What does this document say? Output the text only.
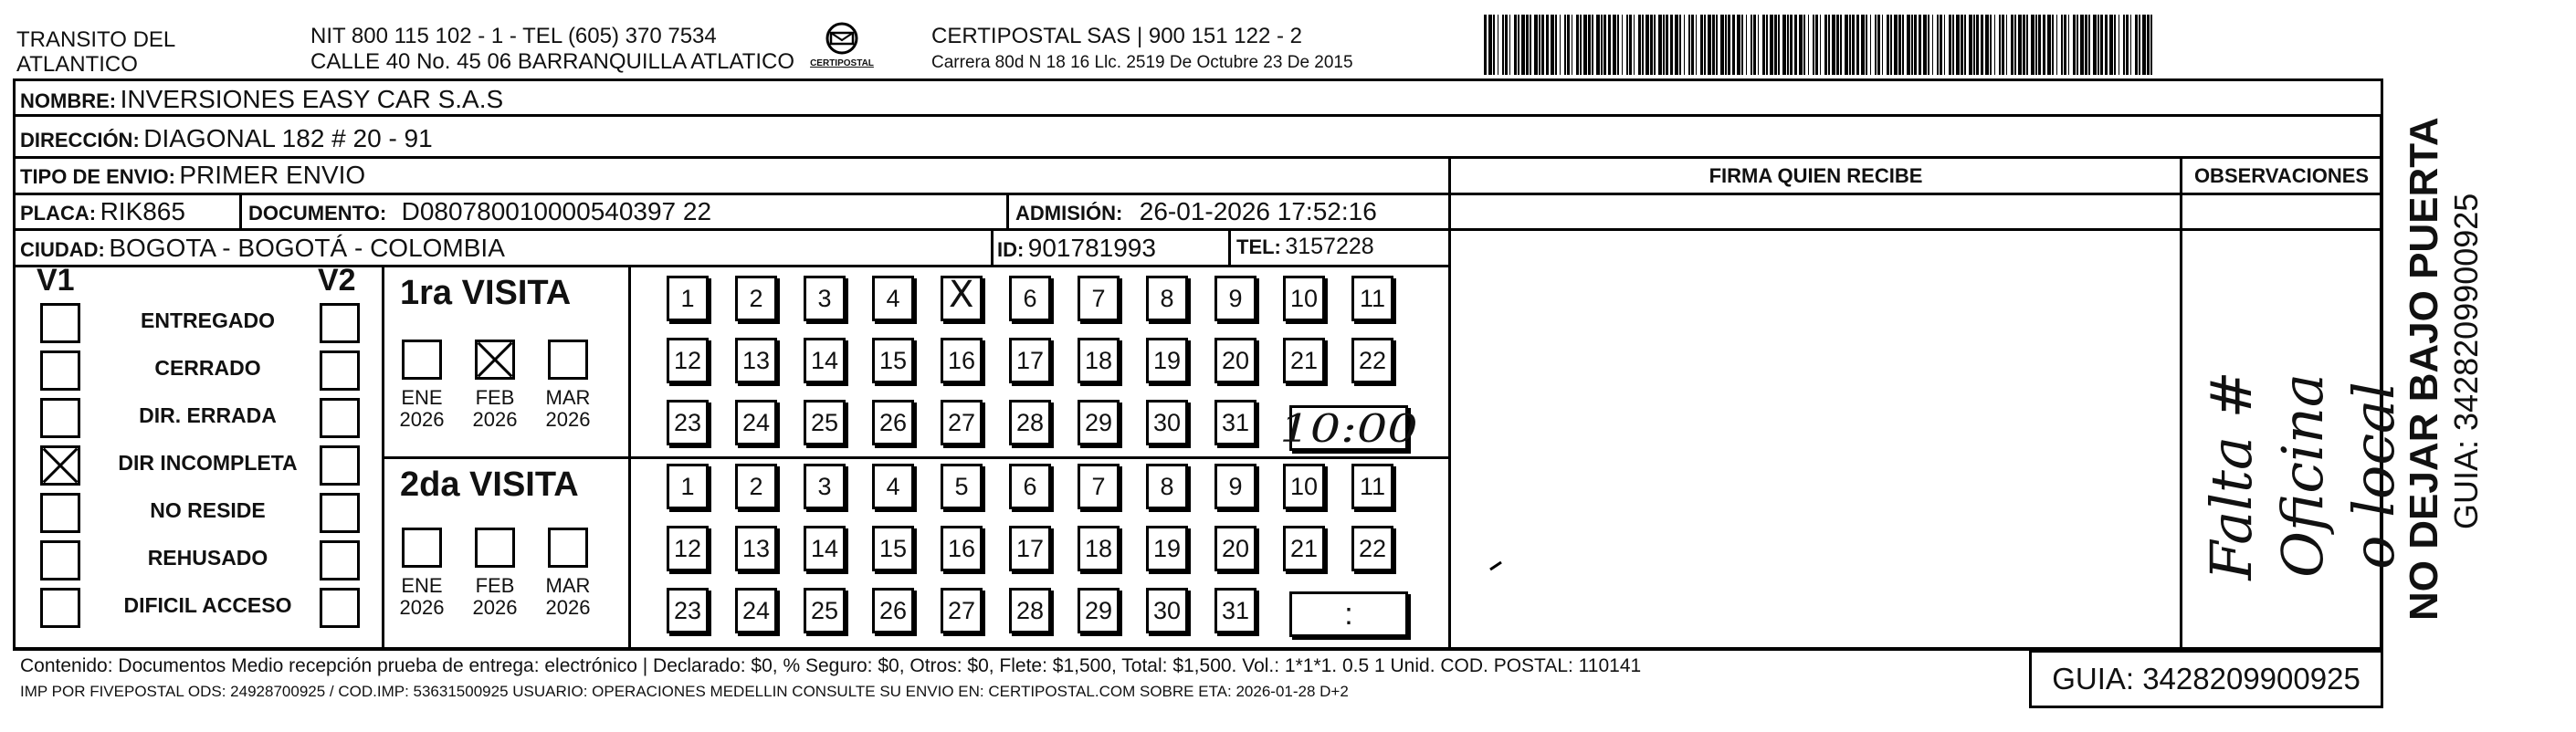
TRANSITO DEL
ATLANTICO
NIT 800 115 102 - 1 - TEL (605) 370 7534
CALLE 40 No. 45 06 BARRANQUILLA ATLATICO	CERTIPOSTAL
CERTIPOSTAL SAS | 900 151 122 - 2
Carrera 80d N 18 16 Llc. 2519 De Octubre 23 De 2015
NOMBRE: INVERSIONES EASY CAR S.A.S
DIRECCIÓN: DIAGONAL 182 # 20 - 91
TIPO DE ENVIO: PRIMER ENVIO	FIRMA QUIEN RECIBE	OBSERVACIONES
PLACA: RIK865	DOCUMENTO: D080780010000540397 22	ADMISIÓN: 26-01-2026 17:52:16
CIUDAD: BOGOTA - BOGOTÁ - COLOMBIA	ID: 901781993	TEL: 3157228
V1	V2
ENTREGADO
CERRADO
DIR. ERRADA
DIR INCOMPLETA
NO RESIDE
REHUSADO
DIFICIL ACCESO
1ra VISITA
ENE
2026
FEB
2026
MAR
2026
1	2	3	4
X	6	7	8	9	10	11
12 13 14 15 16 17 18 19 20 21 22
23 24 25 26 27 28 29 30 31
2da VISITA
ENE
2026
FEB
2026
MAR
2026
1	2	3	4	5	6	7	8	9	10	11
12 13 14 15 16 17 18 19 20 21 22
23 24 25 26 27 28 29 30 31
10:00
:
Falta # Oficina
o local
NO DEJAR BAJO PUERTA GUIA: 3428209900925
Contenido: Documentos Medio recepción prueba de entrega: electrónico | Declarado: $0, % Seguro: $0, Otros: $0, Flete: $1,500, Total: $1,500. Vol.: 1*1*1. 0.5 1 Unid. COD. POSTAL: 110141
IMP POR FIVEPOSTAL ODS: 24928700925 / COD.IMP: 53631500925 USUARIO: OPERACIONES MEDELLIN CONSULTE SU ENVIO EN: CERTIPOSTAL.COM SOBRE ETA: 2026-01-28 D+2	GUIA: 3428209900925
